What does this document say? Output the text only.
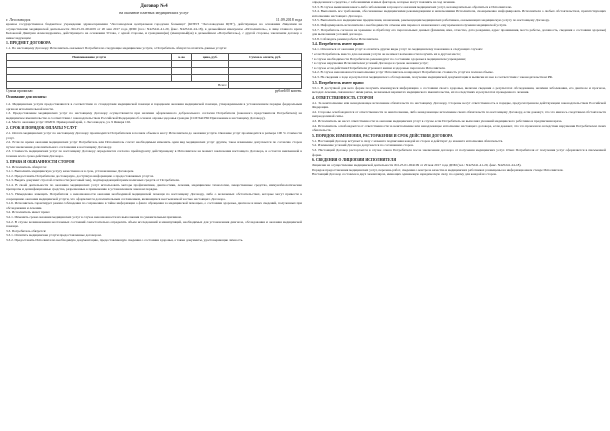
Договор №4
на оказание платных медицинских услуг
г. Лесозаводск	11.09.2018 года

краевое государственное бюджетное учреждение здравоохранения "Лесозаводская центральная городская больница" (КГБУЗ "Лесозаводская ЦГБ"), действующее на основании Лицензии на осуществление медицинской деятельности ЛО-25-01-004109 от 20 мая 2017 года ДПМ (тел.: N425241-41-20, факс. N425241-24-18), в дальнейшем именуемое «Исполнитель», в лице главного врача Белоконой Дмитрия Александровича, действующего на основании Устава, с одной стороны, и гражданин(ка) (именуемый(ая) в дальнейшем «Потребитель»), с другой стороны, заключили договор о нижеследующем:

1. ПРЕДМЕТ ДОГОВОРА

1.1. По настоящему Договору Исполнитель оказывает Потребителю следующие медицинские услуги, а Потребитель обязуется оплатить данные услуги:

Наименование услуги	к-во	цена, руб.	Сумма к оплате, руб.

Всего:			
Сумма прописью:	рублей 00 копеек.

Основание для оплаты:

1.2. Медицинские услуги предоставляются в соответствии со стандартами медицинской помощи и порядками оказания медицинской помощи, утвержденными в установленном порядке федеральным органом исполнительной власти.

1.3. Предоставление медицинских услуг по настоящему Договору осуществляется при наличии оформленного добровольного согласия Потребителя (законного представителя Потребителя) на медицинское вмешательство в соответствии с законодательством Российской Федерации об основах охраны здоровья граждан (СОГЛАСНО Приложение к настоящему Договору).

1.4. Место оказания услуг: 692031 Приморский край, г. Лесозаводск, ул. 9 Января 102.

2. СРОК И ПОРЯДОК ОПЛАТЫ УСЛУГ

2.1. Оплата медицинских услуг по настоящему Договору производится Потребителем в полном объеме в кассу Исполнителя до оказания услуги. Оказание услуг производится в размере 100 % стоимости услуг.

2.2. Если по время оказания медицинских услуг Потребитель или Исполнитель сочтет необходимым изменить один вид медицинских услуг другим, такое изменение допускается по согласию сторон путем заключения дополнительного соглашения к настоящему Договору.

2.3. Стоимость медицинских услуг по настоящему Договору определяется согласно прейскуранту действующему в Исполнителе на момент заключения настоящего Договора, и остается неизменной в течение всего срока действия Договора.

3. ПРАВА И ОБЯЗАННОСТИ СТОРОН

3.1. Исполнитель обязуется:

3.1.1. Выполнить медицинскую услугу качественно и в срок, установленные Договором.

3.1.2. Предоставить Потребителю достоверную, доступную информацию о предоставляемых услугах.

3.1.3. Выдать документ строгой отчетности (кассовый чек), подтверждающий прием наличных средств от Потребителя.

3.1.4. В своей деятельности по оказанию медицинских услуг использовать методы профилактики, диагностики, лечения, медицинские технологии, лекарственные средства, иммунобиологические препараты и дезинфекционные средства, разрешенные к применению в установленном законом порядке.

3.1.5. Немедленно извещать Потребителя о невозможности оказания необходимой медицинской помощи по настоящему Договору, либо о возможных обстоятельствах, которые могут привести к сокращению оказания медицинской услуги, что оформляется дополнительным соглашением, являющимся неотъемлемой частью настоящего Договора.

3.1.6. Исполнитель гарантирует режим соблюдения по сохранению в тайне информации о факте обращения за медицинской помощью, о состоянии здоровья, диагнозе и иных сведений, полученных при обследовании и лечении.

3.2. Исполнитель имеет право:

3.2.1. Изменить сроки оказания медицинских услуг в случае невозможности их выполнения по уважительным причинам.

3.2.2. В случае возникновения неотложных состояний самостоятельно определять объем исследований и манипуляций, необходимых для установления диагноза, обследования и оказания медицинской помощи.

3.3. Потребитель обязуется:

3.3.1. Оплатить медицинские услуги предоставленные договором.

3.3.2. Предоставить Исполнителю необходимую документацию, предоставляющую сведения о состоянии здоровья, а также документы, удостоверяющие личность.

определенного средства, с заболевшими и иных факторов, которые могут повлиять на ход лечения.

3.3.3. В случае выявления какого-либо заболевания в процессе оказания медицинских услуг, незамедлительно обратиться к Исполнителю.

3.3.4. Выполнять все требования, обоснованные медицинскими рекомендациями и назначениями Исполнителя, своевременно информировать Исполнителя о любых обстоятельствах, препятствующих исполнению настоящего Договора.

3.3.5. Выполнять все медицинские предписания, назначения, рекомендации медицинских работников, оказывающих медицинскую услугу по настоящему Договору.

3.3.6. Информировать исполнителя о необходимости отмены или переноса назначенного ему времени получения медицинской услуги.

3.3.7. Потребитель согласен на хранение и обработку его персональных данных (фамилия, имя, отчество, дата рождения, адрес проживания, место работы, должность, сведения о состоянии здоровья) для выполнения условий договора.

3.3.8. Соблюдать режим работы Исполнителя.

3.4. Потребитель имеет право:

3.4.1. Отказаться от оказания услуг и оплатить другие виды услуг по медицинскому показанию в следующих случаях:

• если Потребитель вместо для оказания услуги он не имеет возможности получить их в другом месте;

• в случае необходимости Потребителю рекомендуют по состоянию здоровья в медицинском учреждении;

• в случае нарушения Исполнителем условий Договора и сроков оказания услуг;

• в случае если действия Потребителя угрожают жизни и здоровью персонала Исполнителя.

3.4.2. В случае невозможности выполнения услуг Исполнитель возвращает Потребителю стоимость услуги в полном объеме.

3.4.3. На сведения о ходе и результатах медицинского обследования, получение медицинской документации и выписки из нее в соответствии с законодательством РФ.

3.5. Потребитель имеет право:

3.5.1. В доступной для него форме получить имеющуюся информацию о состоянии своего здоровья, включая сведения о результатах обследования, наличии заболевания, его диагнозе и прогнозе, методах лечения, связанном с ними риске, возможных вариантах медицинского вмешательства, их последствиях и результатах проведенного лечения.

4. ОТВЕТСТВЕННОСТЬ СТОРОН

4.1. За неисполнение или ненадлежащее исполнение обязательств по настоящему Договору, Стороны несут ответственность в порядке, предусмотренном действующим законодательством Российской Федерации.

4.2. Стороны освобождаются от ответственности за неисполнение, либо ненадлежащее исполнение своих обязательств по настоящему Договору, если докажут, что это явилось следствием обстоятельств непреодолимой силы.

4.3. Исполнитель не несет ответственности за оказание медицинских услуг в случае если Потребитель не выполнял указаний медицинского работника и предписания врача.

4.4. Исполнитель освобождается от ответственности за неисполнение или ненадлежащее исполнение настоящего договора, если докажет, что это произошло вследствие нарушения Потребителем своих обязательств.

5. ПОРЯДОК ИЗМЕНЕНИЯ, РАСТОРЖЕНИЯ И СРОК ДЕЙСТВИЯ ДОГОВОРА

5.1. Настоящий Договор вступает в силу с момента подписания каждой из сторон и действует до момента исполнения обязательств.

5.2. Изменение условий Договора допускается по соглашению сторон.

5.3. Настоящий Договор расторгается в случае отказа Потребителя после заключения договора от получения медицинских услуг. Отказ Потребителя от получения услуг оформляется в письменной форме.

6. СВЕДЕНИЯ О ЛИЦЕНЗИИ ИСПОЛНИТЕЛЯ

Лицензия на осуществление медицинской деятельности ЛО-25-01-004109 от 20 мая 2017 года ДПМ (тел.: N425241-41-20, факс. N425241-24-18).

Порядок предоставления медицинских услуг, перечень работ, сведения о контроле качества и медицинских работниках размещены на информационном стенде Исполнителя.

Настоящий Договор составлен в двух экземплярах, имеющих одинаковую юридическую силу, по одному для каждой из сторон.
